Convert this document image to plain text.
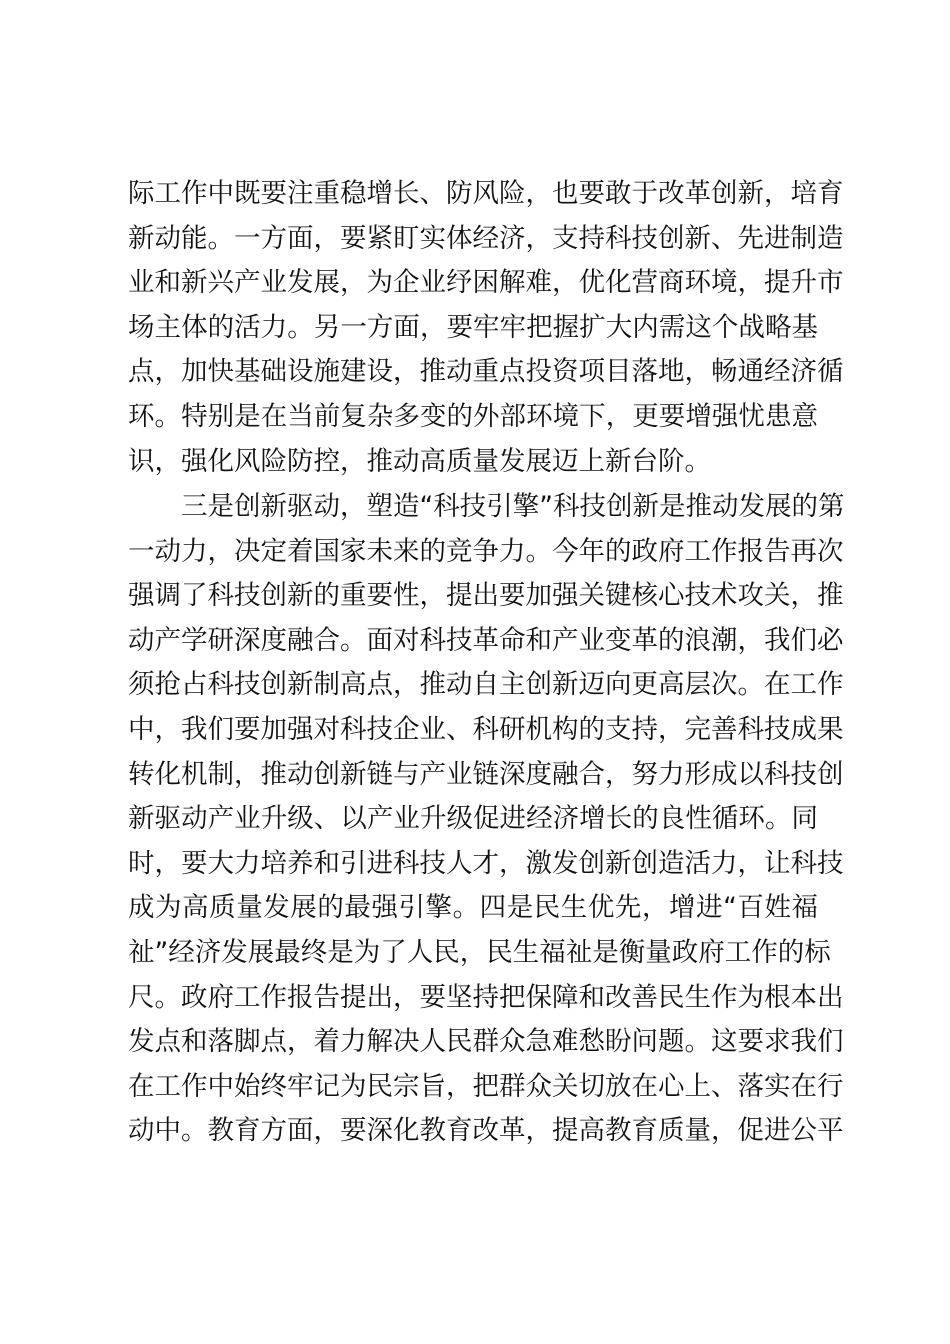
际工作中既要注重稳增长、防风险，也要敢于改革创新，培育
新动能。一方面，要紧盯实体经济，支持科技创新、先进制造
业和新兴产业发展，为企业纾困解难，优化营商环境，提升市
场主体的活力。另一方面，要牢牢把握扩大内需这个战略基
点，加快基础设施建设，推动重点投资项目落地，畅通经济循
环。特别是在当前复杂多变的外部环境下，更要增强忧患意
识，强化风险防控，推动高质量发展迈上新台阶。
　　三是创新驱动，塑造“科技引擎”科技创新是推动发展的第
一动力，决定着国家未来的竞争力。今年的政府工作报告再次
强调了科技创新的重要性，提出要加强关键核心技术攻关，推
动产学研深度融合。面对科技革命和产业变革的浪潮，我们必
须抢占科技创新制高点，推动自主创新迈向更高层次。在工作
中，我们要加强对科技企业、科研机构的支持，完善科技成果
转化机制，推动创新链与产业链深度融合，努力形成以科技创
新驱动产业升级、以产业升级促进经济增长的良性循环。同
时，要大力培养和引进科技人才，激发创新创造活力，让科技
成为高质量发展的最强引擎。四是民生优先，增进“百姓福
祉”经济发展最终是为了人民，民生福祉是衡量政府工作的标
尺。政府工作报告提出，要坚持把保障和改善民生作为根本出
发点和落脚点，着力解决人民群众急难愁盼问题。这要求我们
在工作中始终牢记为民宗旨，把群众关切放在心上、落实在行
动中。教育方面，要深化教育改革，提高教育质量，促进公平
